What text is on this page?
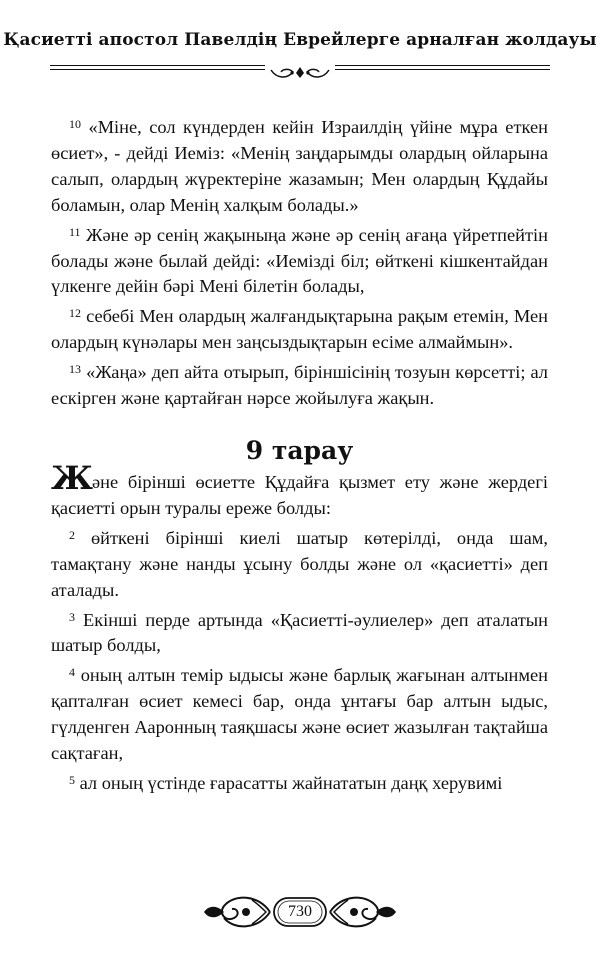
Қасиетті апостол Павелдің Еврейлерге арналған жолдауы

$^{10}$ «Міне, сол күндерден кейін Израилдің үйіне мұра еткен өсиет», - дейді Иеміз: «Менің заңдарымды олардың ойларына салып, олардың жүректеріне жазамын; Мен олардың Құдайы боламын, олар Менің халқым болады.»

$^{11}$ Және әр сенің жақыныңа және әр сенің ағаңа үйретпейтін болады және былай дейді: «Иемізді біл; өйткені кішкентайдан үлкенге дейін бәрі Мені білетін болады,

$^{12}$ себебі Мен олардың жалғандықтарына рақым етемін, Мен олардың күнәлары мен заңсыздықтарын есіме алмаймын».

$^{13}$ «Жаңа» деп айта отырып, біріншісінің тозуын көрсетті; ал ескірген және қартайған нәрсе жойылуға жақын.

9 тарау

Және бірінші өсиетте Құдайға қызмет ету және жердегі қасиетті орын туралы ереже болды:

$^2$ өйткені бірінші киелі шатыр көтерілді, онда шам, тамақтану және нанды ұсыну болды және ол «қасиетті» деп аталады.

$^3$ Екінші перде артында «Қасиетті-әулиелер» деп аталатын шатыр болды,

$^4$ оның алтын темір ыдысы және барлық жағынан алтынмен қапталған өсиет кемесі бар, онда ұнтағы бар алтын ыдыс, гүлденген Ааронның таяқшасы және өсиет жазылған тақтайша сақтаған,

$^5$ ал оның үстінде ғарасатты жайнататын даңқ херувимі

730
